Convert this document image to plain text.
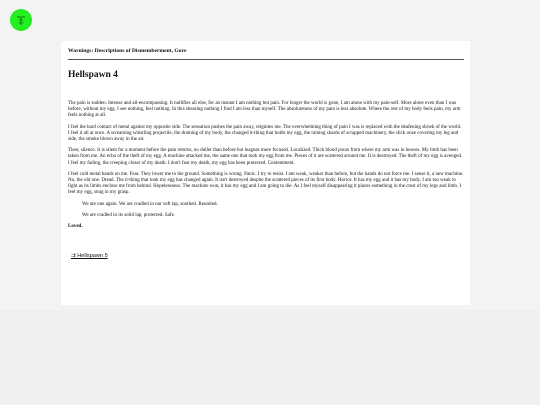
Warnings: Descriptions of Dismemberment, Gore
Hellspawn 4

The pain is sudden. Intense and all-encompassing. It nullifies all else, for an instant I am nothing but pain. For longer the world is gone, I am alone with my pain-self. More alone even than I was before, without my egg. I see nothing, feel nothing. In this shearing nothing I find I am less than myself. The absoluteness of my pain is less absolute. Where the rest of my body feels pain, my arm feels nothing at all.

I feel the hard contact of metal against my opposite side. The sensation pushes the pain away, reignites me. The overwhelming thing of pain I was is replaced with the deafening shriek of the world. I feel it all at once. A screaming whistling projectile, the draining of my body, the changed it-thing that holds my egg, the raining shards of scrapped machinery, the slick ooze covering my leg and side, the smoke blown away in the air.

Then, silence. It is silent for a moment before the pain returns, no duller than before but leagues more focused. Localized. Thick blood pours from where my arm was in heaves. My limb has been taken from me. An echo of the theft of my egg. A machine attacked me, the same one that took my egg from me. Pieces of it are scattered around me. It is destroyed. The theft of my egg is avenged. I feel my fading, the creeping closer of my death. I don't fear my death, my egg has been protected. Contentment.

I feel cold metal hands on me. Fear. They lower me to the ground. Something is wrong. Panic. I try to resist. I am weak, weaker than before, but the hands do not force me. I sense it, a new machine. No, the old one. Dread. The it-thing that took my egg has changed again. It isn't destroyed despite the scattered pieces of its first body. Horror. It has my egg and it has my body. I am too weak to fight as its limbs enclose me from behind. Hopelessness. The machine won, it has my egg and I am going to die. As I feel myself disappearing it places something in the crest of my legs and limb. I feel my egg, snug in my grasp.

We are one again. We are cradled in our soft lap, soothed. Reunited.

We are cradled in its solid lap, protected. Safe.

Loved.

⇉ Hellspawn 5
